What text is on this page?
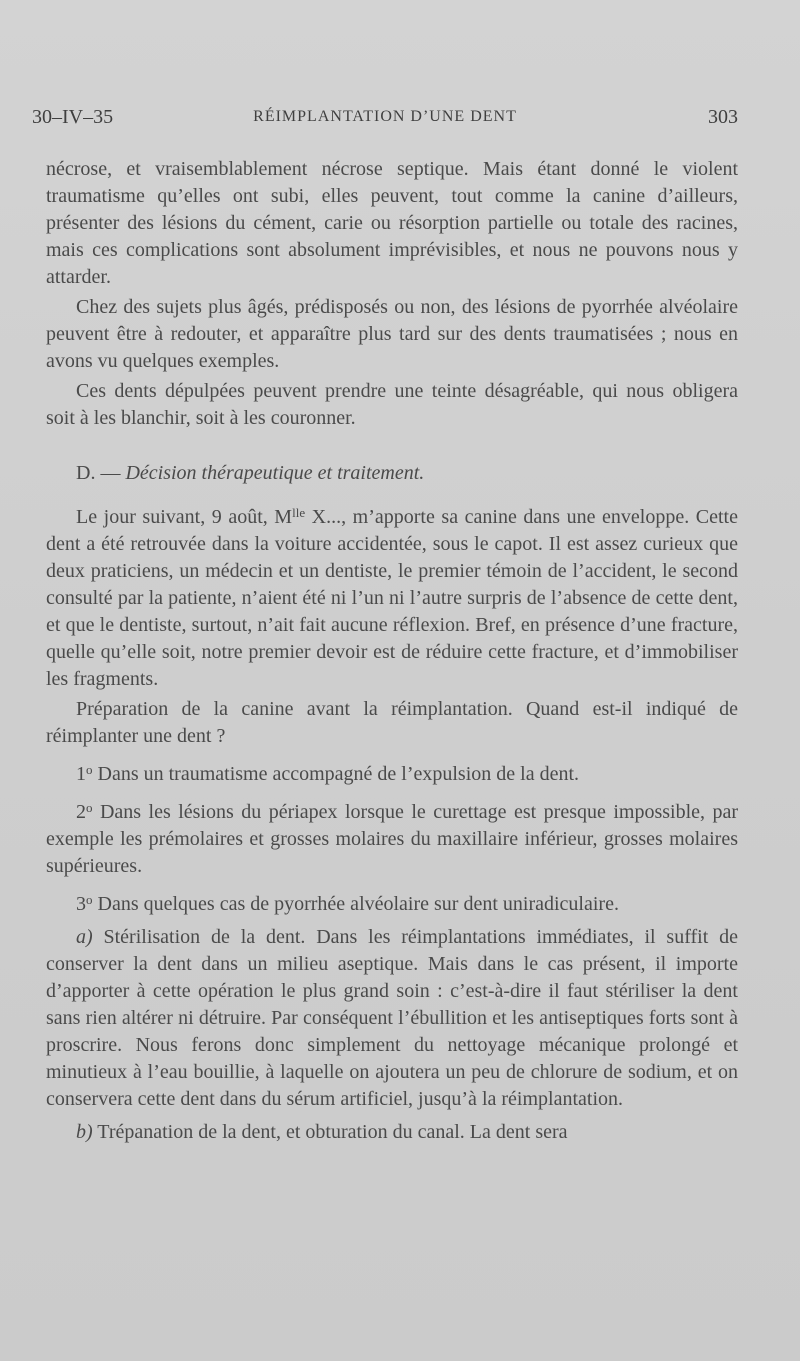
30–IV–35	RÉIMPLANTATION D’UNE DENT	303

nécrose, et vraisemblablement nécrose septique. Mais étant donné le violent traumatisme qu’elles ont subi, elles peuvent, tout comme la canine d’ailleurs, présenter des lésions du cément, carie ou résorption partielle ou totale des racines, mais ces complications sont absolument imprévisibles, et nous ne pouvons nous y attarder.

Chez des sujets plus âgés, prédisposés ou non, des lésions de pyorrhée alvéolaire peuvent être à redouter, et apparaître plus tard sur des dents traumatisées ; nous en avons vu quelques exemples.

Ces dents dépulpées peuvent prendre une teinte désagréable, qui nous obligera soit à les blanchir, soit à les couronner.

D. — Décision thérapeutique et traitement.

Le jour suivant, 9 août, $M^{lle}$ X..., m’apporte sa canine dans une enveloppe. Cette dent a été retrouvée dans la voiture accidentée, sous le capot. Il est assez curieux que deux praticiens, un médecin et un dentiste, le premier témoin de l’accident, le second consulté par la patiente, n’aient été ni l’un ni l’autre surpris de l’absence de cette dent, et que le dentiste, surtout, n’ait fait aucune réflexion. Bref, en présence d’une fracture, quelle qu’elle soit, notre premier devoir est de réduire cette fracture, et d’immobiliser les fragments.

Préparation de la canine avant la réimplantation. Quand est-il indiqué de réimplanter une dent ?

1$^o$ Dans un traumatisme accompagné de l’expulsion de la dent.

2$^o$ Dans les lésions du périapex lorsque le curettage est presque impossible, par exemple les prémolaires et grosses molaires du maxillaire inférieur, grosses molaires supérieures.

3$^o$ Dans quelques cas de pyorrhée alvéolaire sur dent uniradiculaire.

a) Stérilisation de la dent. Dans les réimplantations immédiates, il suffit de conserver la dent dans un milieu aseptique. Mais dans le cas présent, il importe d’apporter à cette opération le plus grand soin : c’est-à-dire il faut stériliser la dent sans rien altérer ni détruire. Par conséquent l’ébullition et les antiseptiques forts sont à proscrire. Nous ferons donc simplement du nettoyage mécanique prolongé et minutieux à l’eau bouillie, à laquelle on ajoutera un peu de chlorure de sodium, et on conservera cette dent dans du sérum artificiel, jusqu’à la réimplantation.

b) Trépanation de la dent, et obturation du canal. La dent sera
